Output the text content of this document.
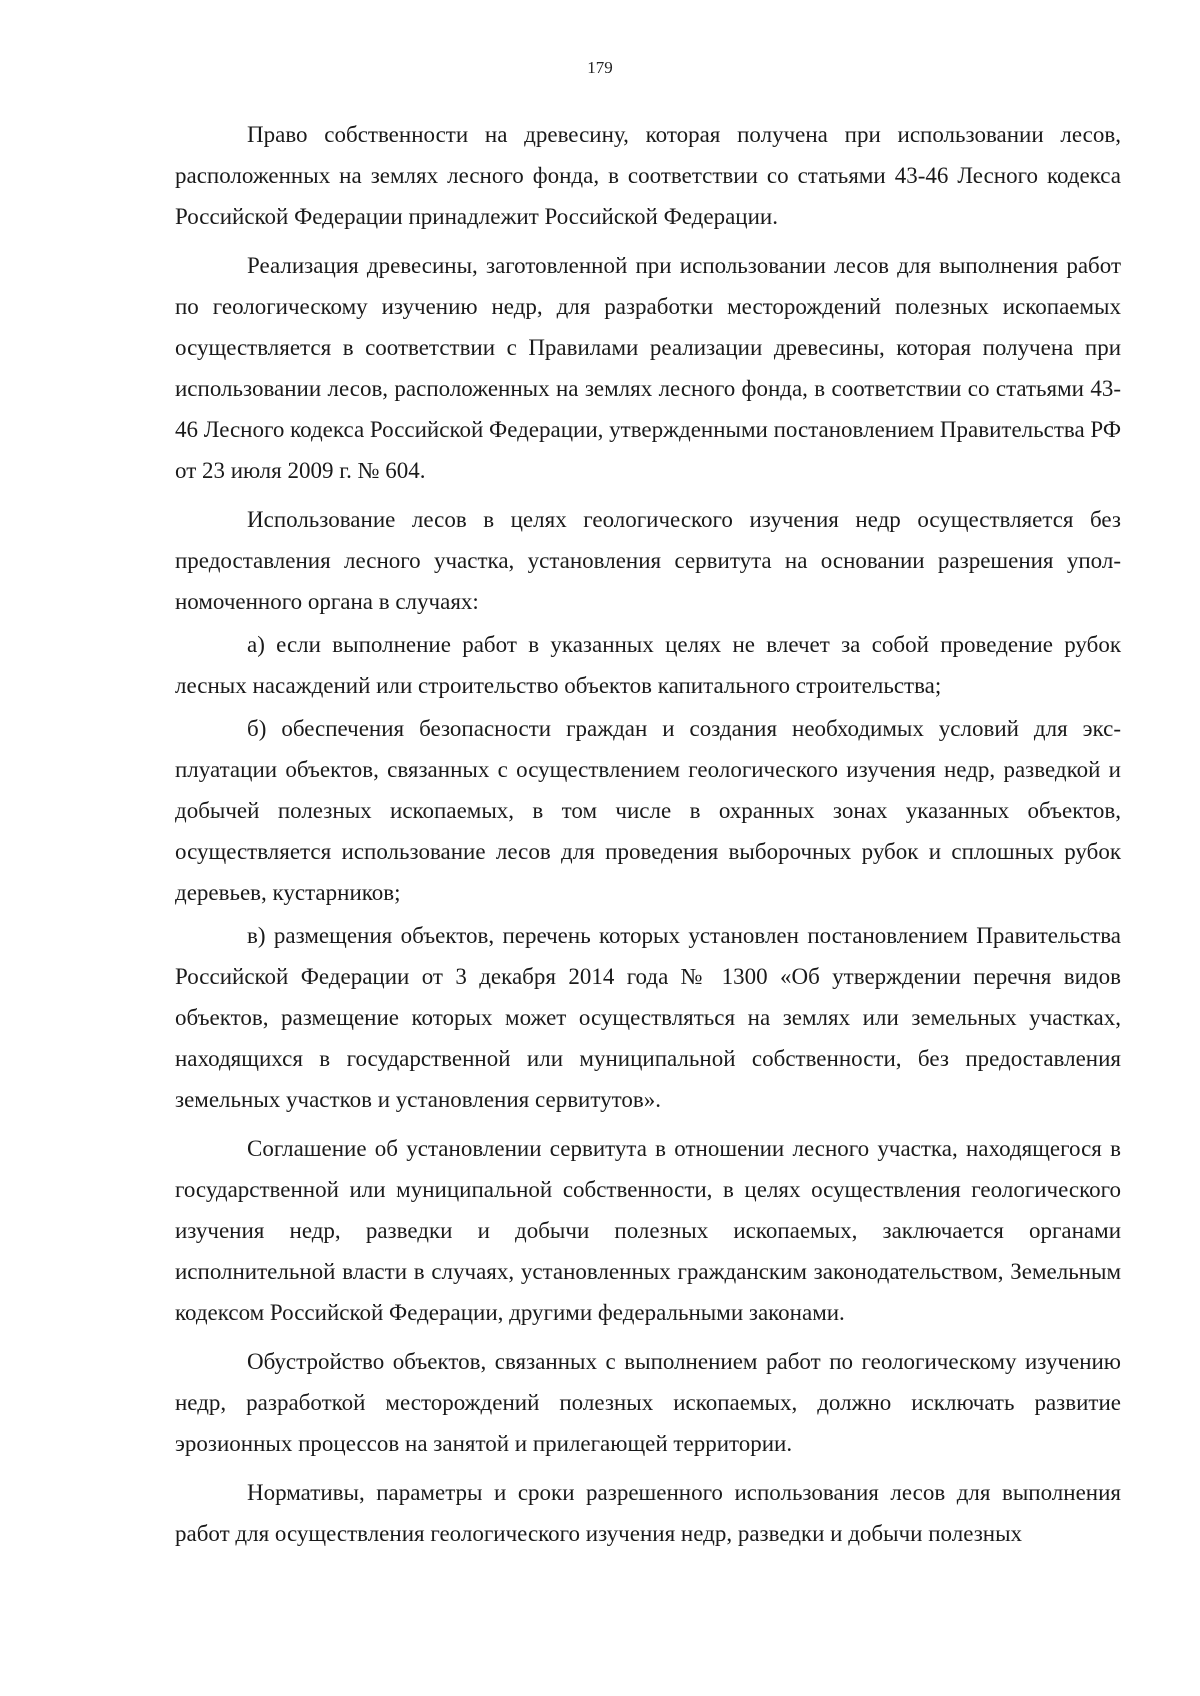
179

Право собственности на древесину, которая получена при использовании лесов, расположенных на землях лесного фонда, в соответствии со статьями 43-46 Лесного кодекса Российской Федерации принадлежит Российской Федерации.

Реализация древесины, заготовленной при использовании лесов для выполнения работ по геологическому изучению недр, для разработки месторождений полезных ископаемых осуществляется в соответствии с Правилами реализации древесины, которая получена при использовании лесов, расположенных на землях лесного фонда, в соответствии со статьями 43-46 Лесного кодекса Российской Федерации, утвержденными постановлением Правительства РФ от 23 июля 2009 г. № 604.

Использование лесов в целях геологического изучения недр осуществляется без предоставления лесного участка, установления сервитута на основании разрешения уполномоченного органа в случаях:

а) если выполнение работ в указанных целях не влечет за собой проведение рубок лесных насаждений или строительство объектов капитального строительства;

б) обеспечения безопасности граждан и создания необходимых условий для эксплуатации объектов, связанных с осуществлением геологического изучения недр, разведкой и добычей полезных ископаемых, в том числе в охранных зонах указанных объектов, осуществляется использование лесов для проведения выборочных рубок и сплошных рубок деревьев, кустарников;

в) размещения объектов, перечень которых установлен постановлением Правительства Российской Федерации от 3 декабря 2014 года № 1300 «Об утверждении перечня видов объектов, размещение которых может осуществляться на землях или земельных участках, находящихся в государственной или муниципальной собственности, без предоставления земельных участков и установления сервитутов».

Соглашение об установлении сервитута в отношении лесного участка, находящегося в государственной или муниципальной собственности, в целях осуществления геологического изучения недр, разведки и добычи полезных ископаемых, заключается органами исполнительной власти в случаях, установленных гражданским законодательством, Земельным кодексом Российской Федерации, другими федеральными законами.

Обустройство объектов, связанных с выполнением работ по геологическому изучению недр, разработкой месторождений полезных ископаемых, должно исключать развитие эрозионных процессов на занятой и прилегающей территории.

Нормативы, параметры и сроки разрешенного использования лесов для выполнения работ для осуществления геологического изучения недр, разведки и добычи полезных
